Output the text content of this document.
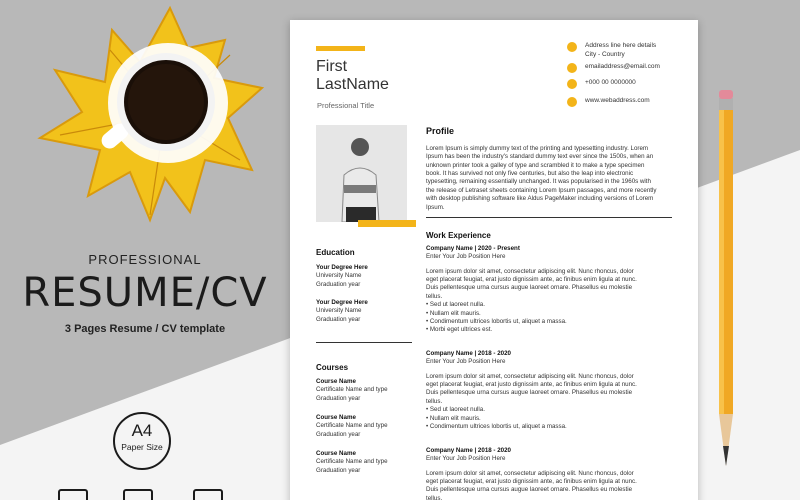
PROFESSIONAL
RESUME/CV
3 Pages Resume / CV template
A4
Paper Size
First
LastName
Professional Title
Address line here details
City - Country
emailaddress@email.com
+000 00 0000000
www.webaddress.com
Profile
Lorem Ipsum is simply dummy text of the printing and typesetting industry. Lorem
Ipsum has been the industry's standard dummy text ever since the 1500s, when an
unknown printer took a galley of type and scrambled it to make a type specimen
book. It has survived not only five centuries, but also the leap into electronic
typesetting, remaining essentially unchanged. It was popularised in the 1960s with
the release of Letraset sheets containing Lorem Ipsum passages, and more recently
with desktop publishing software like Aldus PageMaker including versions of Lorem
Ipsum.
Education
Your Degree Here
University Name
Graduation year
Your Degree Here
University Name
Graduation year
Courses
Course Name
Certificate Name and type
Graduation year
Course Name
Certificate Name and type
Graduation year
Course Name
Certificate Name and type
Graduation year
Work Experience
Company Name | 2020 - Present
Enter Your Job Position Here
Lorem ipsum dolor sit amet, consectetur adipiscing elit. Nunc rhoncus, dolor
eget placerat feugiat, erat justo dignissim ante, ac finibus enim ligula at nunc.
Duis pellentesque urna cursus augue laoreet ornare. Phasellus eu molestie
tellus.
• Sed ut laoreet nulla.
• Nullam elit mauris.
• Condimentum ultrices lobortis ut, aliquet a massa.
• Morbi eget ultrices est.
Company Name | 2018 - 2020
Enter Your Job Position Here
Lorem ipsum dolor sit amet, consectetur adipiscing elit. Nunc rhoncus, dolor
eget placerat feugiat, erat justo dignissim ante, ac finibus enim ligula at nunc.
Duis pellentesque urna cursus augue laoreet ornare. Phasellus eu molestie
tellus.
• Sed ut laoreet nulla.
• Nullam elit mauris.
• Condimentum ultrices lobortis ut, aliquet a massa.
Company Name | 2018 - 2020
Enter Your Job Position Here
Lorem ipsum dolor sit amet, consectetur adipiscing elit. Nunc rhoncus, dolor
eget placerat feugiat, erat justo dignissim ante, ac finibus enim ligula at nunc.
Duis pellentesque urna cursus augue laoreet ornare. Phasellus eu molestie
tellus.
